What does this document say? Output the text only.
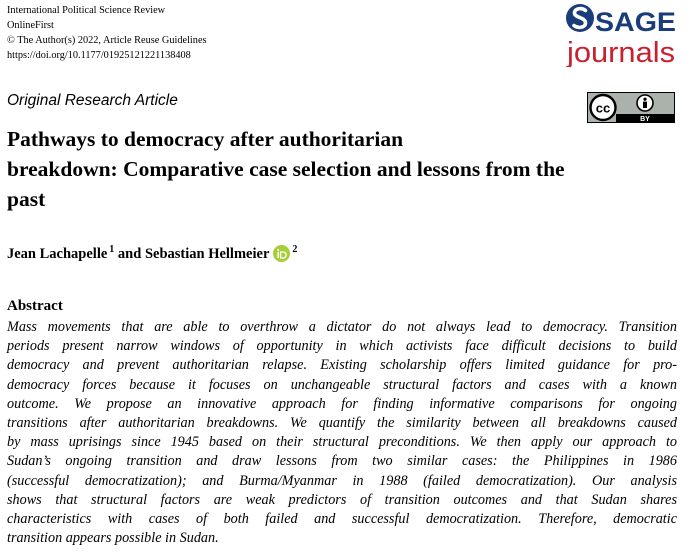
International Political Science Review
OnlineFirst
© The Author(s) 2022, Article Reuse Guidelines
https://doi.org/10.1177/01925121221138408
SAGE
journals
Original Research Article	cc
BY
Pathways to democracy after authoritarian
breakdown: Comparative case selection and lessons from the
past
Jean Lachapelle $^1$ and Sebastian Hellmeier $^2$
Abstract
Mass movements that are able to overthrow a dictator do not always lead to democracy. Transition
periods present narrow windows of opportunity in which activists face difficult decisions to build
democracy and prevent authoritarian relapse. Existing scholarship offers limited guidance for pro-
democracy forces because it focuses on unchangeable structural factors and cases with a known
outcome. We propose an innovative approach for finding informative comparisons for ongoing
transitions after authoritarian breakdowns. We quantify the similarity between all breakdowns caused
by mass uprisings since 1945 based on their structural preconditions. We then apply our approach to
Sudan’s ongoing transition and draw lessons from two similar cases: the Philippines in 1986
(successful democratization); and Burma/Myanmar in 1988 (failed democratization). Our analysis
shows that structural factors are weak predictors of transition outcomes and that Sudan shares
characteristics with cases of both failed and successful democratization. Therefore, democratic
transition appears possible in Sudan.
